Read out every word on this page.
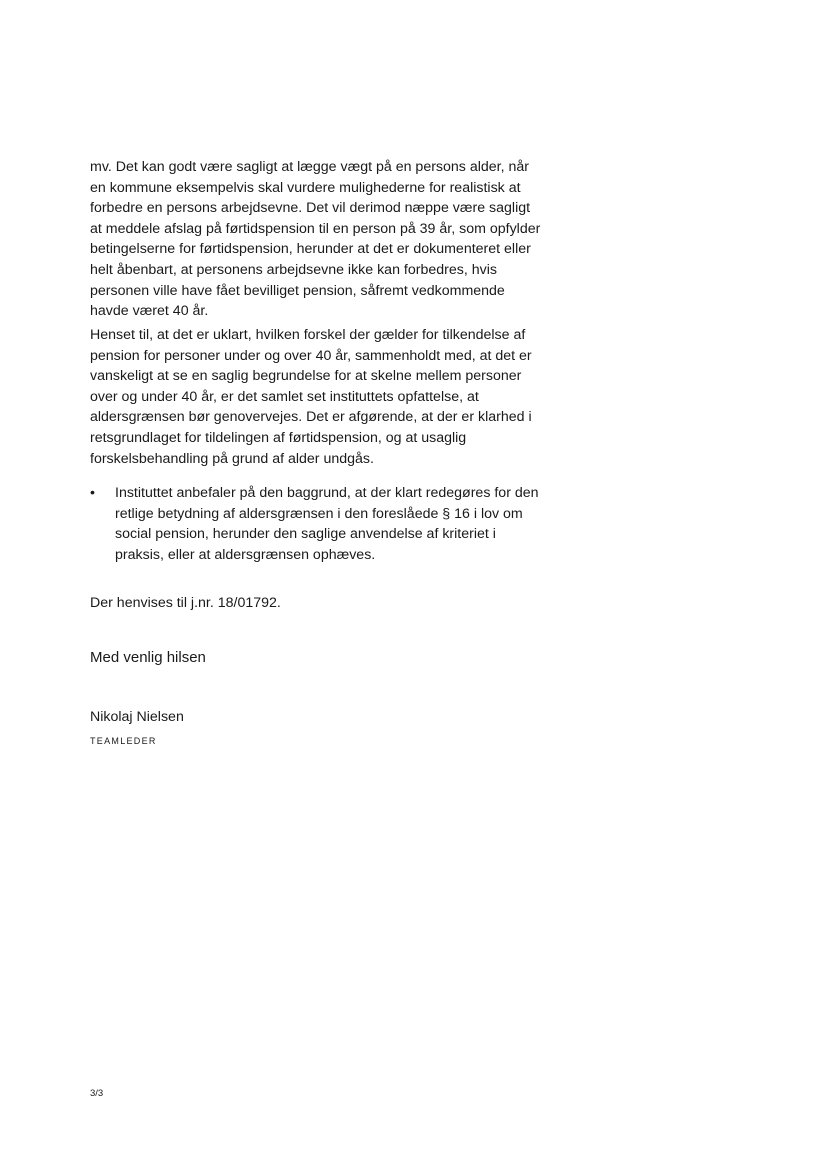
mv. Det kan godt være sagligt at lægge vægt på en persons alder, når
en kommune eksempelvis skal vurdere mulighederne for realistisk at
forbedre en persons arbejdsevne. Det vil derimod næppe være sagligt
at meddele afslag på førtidspension til en person på 39 år, som opfylder
betingelserne for førtidspension, herunder at det er dokumenteret eller
helt åbenbart, at personens arbejdsevne ikke kan forbedres, hvis
personen ville have fået bevilliget pension, såfremt vedkommende
havde været 40 år.

Henset til, at det er uklart, hvilken forskel der gælder for tilkendelse af
pension for personer under og over 40 år, sammenholdt med, at det er
vanskeligt at se en saglig begrundelse for at skelne mellem personer
over og under 40 år, er det samlet set instituttets opfattelse, at
aldersgrænsen bør genovervejes. Det er afgørende, at der er klarhed i
retsgrundlaget for tildelingen af førtidspension, og at usaglig
forskelsbehandling på grund af alder undgås.

•	Instituttet anbefaler på den baggrund, at der klart redegøres for den
retlige betydning af aldersgrænsen i den foreslåede § 16 i lov om
social pension, herunder den saglige anvendelse af kriteriet i
praksis, eller at aldersgrænsen ophæves.
Der henvises til j.nr. 18/01792.
Med venlig hilsen
Nikolaj Nielsen
TEAMLEDER
3/3
